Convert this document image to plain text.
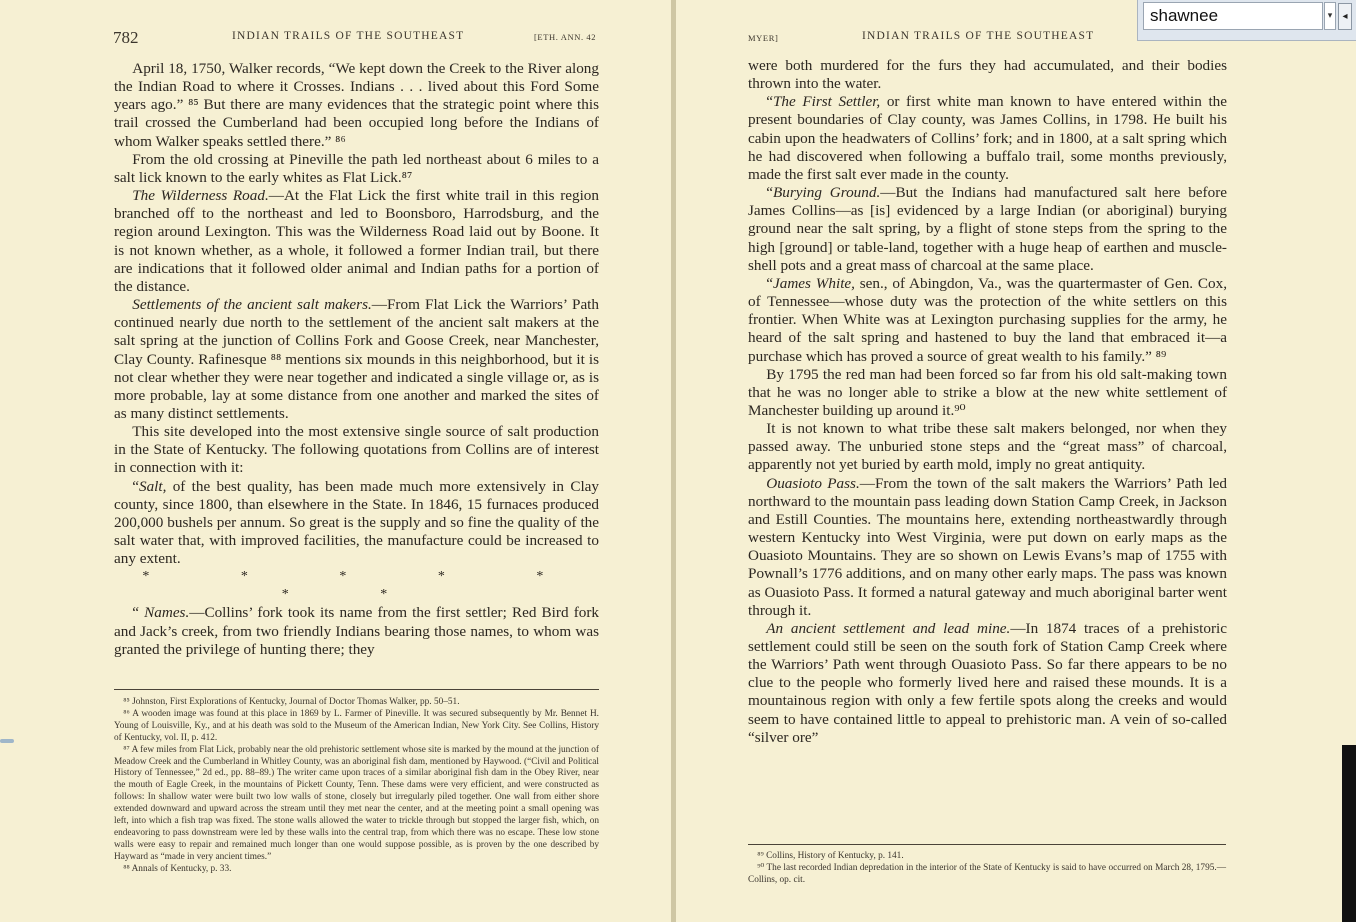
782	INDIAN TRAILS OF THE SOUTHEAST	[ETH. ANN. 42

April 18, 1750, Walker records, “We kept down the Creek to the River along the Indian Road to where it Crosses. Indians . . . lived about this Ford Some years ago.” ⁸⁵ But there are many evidences that the strategic point where this trail crossed the Cumberland had been occupied long before the Indians of whom Walker speaks settled there.” ⁸⁶

From the old crossing at Pineville the path led northeast about 6 miles to a salt lick known to the early whites as Flat Lick.⁸⁷

The Wilderness Road.—At the Flat Lick the first white trail in this region branched off to the northeast and led to Boonsboro, Harrodsburg, and the region around Lexington. This was the Wilderness Road laid out by Boone. It is not known whether, as a whole, it followed a former Indian trail, but there are indications that it followed older animal and Indian paths for a portion of the distance.

Settlements of the ancient salt makers.—From Flat Lick the Warriors’ Path continued nearly due north to the settlement of the ancient salt makers at the salt spring at the junction of Collins Fork and Goose Creek, near Manchester, Clay County. Rafinesque ⁸⁸ mentions six mounds in this neighborhood, but it is not clear whether they were near together and indicated a single village or, as is more probable, lay at some distance from one another and marked the sites of as many distinct settlements.

This site developed into the most extensive single source of salt production in the State of Kentucky. The following quotations from Collins are of interest in connection with it:

“Salt, of the best quality, has been made much more extensively in Clay county, since 1800, than elsewhere in the State. In 1846, 15 furnaces produced 200,000 bushels per annum. So great is the supply and so fine the quality of the salt water that, with improved facilities, the manufacture could be increased to any extent.

* * * * * * *

“ Names.—Collins’ fork took its name from the first settler; Red Bird fork and Jack’s creek, from two friendly Indians bearing those names, to whom was granted the privilege of hunting there; they

⁸⁵ Johnston, First Explorations of Kentucky, Journal of Doctor Thomas Walker, pp. 50–51.

⁸⁶ A wooden image was found at this place in 1869 by L. Farmer of Pineville. It was secured subsequently by Mr. Bennet H. Young of Louisville, Ky., and at his death was sold to the Museum of the American Indian, New York City. See Collins, History of Kentucky, vol. II, p. 412.

⁸⁷ A few miles from Flat Lick, probably near the old prehistoric settlement whose site is marked by the mound at the junction of Meadow Creek and the Cumberland in Whitley County, was an aboriginal fish dam, mentioned by Haywood. (“Civil and Political History of Tennessee,” 2d ed., pp. 88–89.) The writer came upon traces of a similar aboriginal fish dam in the Obey River, near the mouth of Eagle Creek, in the mountains of Pickett County, Tenn. These dams were very efficient, and were constructed as follows: In shallow water were built two low walls of stone, closely but irregularly piled together. One wall from either shore extended downward and upward across the stream until they met near the center, and at the meeting point a small opening was left, into which a fish trap was fixed. The stone walls allowed the water to trickle through but stopped the larger fish, which, on endeavoring to pass downstream were led by these walls into the central trap, from which there was no escape. These low stone walls were easy to repair and remained much longer than one would suppose possible, as is proven by the one described by Hayward as “made in very ancient times.”

⁸⁸ Annals of Kentucky, p. 33.

MYER]	INDIAN TRAILS OF THE SOUTHEAST

were both murdered for the furs they had accumulated, and their bodies thrown into the water.

“The First Settler, or first white man known to have entered within the present boundaries of Clay county, was James Collins, in 1798. He built his cabin upon the headwaters of Collins’ fork; and in 1800, at a salt spring which he had discovered when following a buffalo trail, some months previously, made the first salt ever made in the county.

“Burying Ground.—But the Indians had manufactured salt here before James Collins—as [is] evidenced by a large Indian (or aboriginal) burying ground near the salt spring, by a flight of stone steps from the spring to the high [ground] or table-land, together with a huge heap of earthen and muscle-shell pots and a great mass of charcoal at the same place.

“James White, sen., of Abingdon, Va., was the quartermaster of Gen. Cox, of Tennessee—whose duty was the protection of the white settlers on this frontier. When White was at Lexington purchasing supplies for the army, he heard of the salt spring and hastened to buy the land that embraced it—a purchase which has proved a source of great wealth to his family.” ⁸⁹

By 1795 the red man had been forced so far from his old salt-making town that he was no longer able to strike a blow at the new white settlement of Manchester building up around it.⁹⁰

It is not known to what tribe these salt makers belonged, nor when they passed away. The unburied stone steps and the “great mass” of charcoal, apparently not yet buried by earth mold, imply no great antiquity.

Ouasioto Pass.—From the town of the salt makers the Warriors’ Path led northward to the mountain pass leading down Station Camp Creek, in Jackson and Estill Counties. The mountains here, extending northeastwardly through western Kentucky into West Virginia, were put down on early maps as the Ouasioto Mountains. They are so shown on Lewis Evans’s map of 1755 with Pownall’s 1776 additions, and on many other early maps. The pass was known as Ouasioto Pass. It formed a natural gateway and much aboriginal barter went through it.

An ancient settlement and lead mine.—In 1874 traces of a prehistoric settlement could still be seen on the south fork of Station Camp Creek where the Warriors’ Path went through Ouasioto Pass. So far there appears to be no clue to the people who formerly lived here and raised these mounds. It is a mountainous region with only a few fertile spots along the creeks and would seem to have contained little to appeal to prehistoric man. A vein of so-called “silver ore”

⁸⁹ Collins, History of Kentucky, p. 141.

⁹⁰ The last recorded Indian depredation in the interior of the State of Kentucky is said to have occurred on March 28, 1795.—Collins, op. cit.

shawnee
▾	◂
